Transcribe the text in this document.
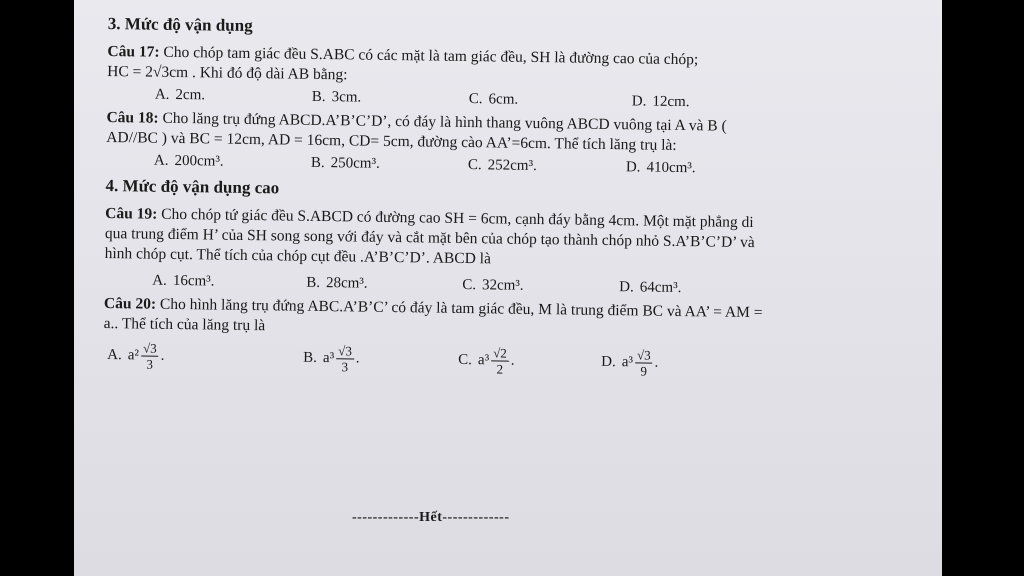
3. Mức độ vận dụng

Câu 17: Cho chóp tam giác đều S.ABC có các mặt là tam giác đều, SH là đường cao của chóp;

HC = 2√3cm . Khi đó độ dài AB bằng:

A. 2cm.	B. 3cm.	C. 6cm.	D. 12cm.

Câu 18: Cho lăng trụ đứng ABCD.A’B’C’D’, có đáy là hình thang vuông ABCD vuông tại A và B (

AD//BC ) và BC = 12cm, AD = 16cm, CD= 5cm, đường cào AA’=6cm. Thể tích lăng trụ là:

A. 200cm³.	B. 250cm³.	C. 252cm³.	D. 410cm³.
4. Mức độ vận dụng cao

Câu 19: Cho chóp tứ giác đều S.ABCD có đường cao SH = 6cm, cạnh đáy bằng 4cm. Một mặt phẳng di

qua trung điểm H’ của SH song song với đáy và cắt mặt bên của chóp tạo thành chóp nhỏ S.A’B’C’D’ và

hình chóp cụt. Thể tích của chóp cụt đều .A’B’C’D’. ABCD là

A. 16cm³.	B. 28cm³.	C. 32cm³.	D. 64cm³.

Câu 20: Cho hình lăng trụ đứng ABC.A’B’C’ có đáy là tam giác đều, M là trung điểm BC và AA’ = AM =

a.. Thể tích của lăng trụ là

A. $a^2 \frac{√3}{3}$ .	B. $a^3 \frac{√3}{3}$ .	C. $a^3 \frac{√2}{2}$ .	D. $a^3 \frac{√3}{9}$ .
-------------Hết-------------
